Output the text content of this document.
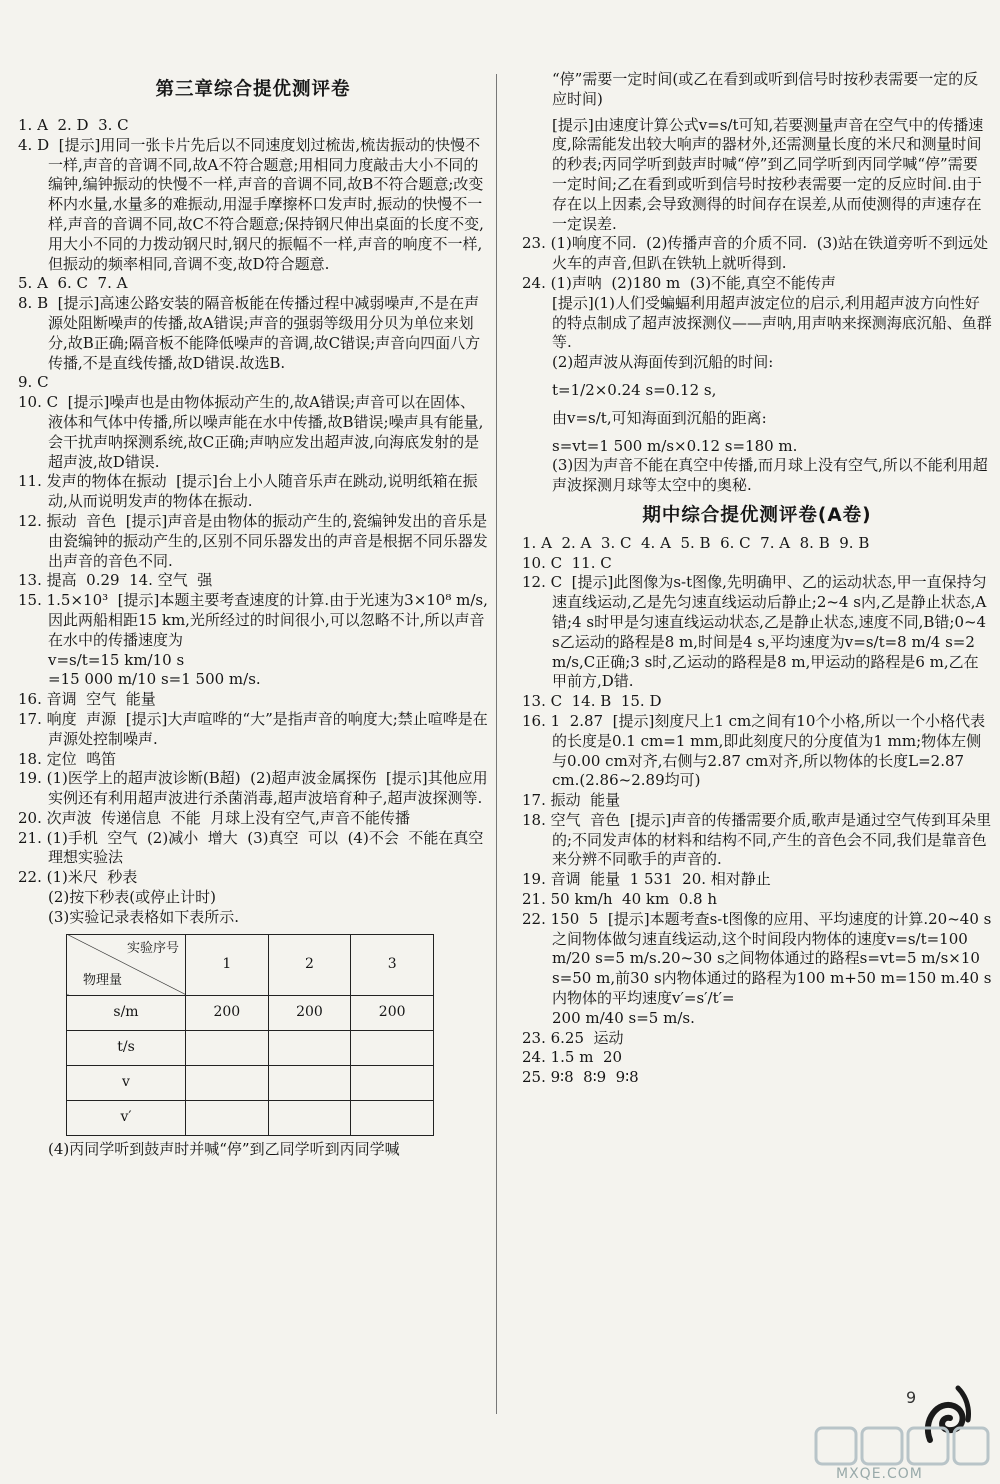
第三章综合提优测评卷

1. A  2. D  3. C

4. D  [提示]用同一张卡片先后以不同速度划过梳齿,梳齿振动的快慢不一样,声音的音调不同,故A不符合题意;用相同力度敲击大小不同的编钟,编钟振动的快慢不一样,声音的音调不同,故B不符合题意;改变杯内水量,水量多的难振动,用湿手摩擦杯口发声时,振动的快慢不一样,声音的音调不同,故C不符合题意;保持钢尺伸出桌面的长度不变,用大小不同的力拨动钢尺时,钢尺的振幅不一样,声音的响度不一样,但振动的频率相同,音调不变,故D符合题意.

5. A  6. C  7. A

8. B  [提示]高速公路安装的隔音板能在传播过程中减弱噪声,不是在声源处阻断噪声的传播,故A错误;声音的强弱等级用分贝为单位来划分,故B正确;隔音板不能降低噪声的音调,故C错误;声音向四面八方传播,不是直线传播,故D错误.故选B.

9. C

10. C  [提示]噪声也是由物体振动产生的,故A错误;声音可以在固体、液体和气体中传播,所以噪声能在水中传播,故B错误;噪声具有能量,会干扰声呐探测系统,故C正确;声呐应发出超声波,向海底发射的是超声波,故D错误.

11. 发声的物体在振动  [提示]台上小人随音乐声在跳动,说明纸箱在振动,从而说明发声的物体在振动.

12. 振动  音色  [提示]声音是由物体的振动产生的,瓷编钟发出的音乐是由瓷编钟的振动产生的,区别不同乐器发出的声音是根据不同乐器发出声音的音色不同.

13. 提高  0.29  14. 空气  强

15. 1.5×10³  [提示]本题主要考查速度的计算.由于光速为3×10⁸ m/s,因此两船相距15 km,光所经过的时间很小,可以忽略不计,所以声音在水中的传播速度为

v=s/t=15 km/10 s

=15 000 m/10 s=1 500 m/s.

16. 音调  空气  能量

17. 响度  声源  [提示]大声喧哗的“大”是指声音的响度大;禁止喧哗是在声源处控制噪声.

18. 定位  鸣笛

19. (1)医学上的超声波诊断(B超)  (2)超声波金属探伤  [提示]其他应用实例还有利用超声波进行杀菌消毒,超声波培育种子,超声波探测等.

20. 次声波  传递信息  不能  月球上没有空气,声音不能传播

21. (1)手机  空气  (2)减小  增大  (3)真空  可以  (4)不会  不能在真空  理想实验法

22. (1)米尺  秒表

(2)按下秒表(或停止计时)

(3)实验记录表格如下表所示.

实验序号
物理量	1	2	3
s/m	200	200	200
t/s			
v			
v′			

(4)丙同学听到鼓声时并喊“停”到乙同学听到丙同学喊

“停”需要一定时间(或乙在看到或听到信号时按秒表需要一定的反应时间)

[提示]由速度计算公式v=s/t可知,若要测量声音在空气中的传播速度,除需能发出较大响声的器材外,还需测量长度的米尺和测量时间的秒表;丙同学听到鼓声时喊“停”到乙同学听到丙同学喊“停”需要一定时间;乙在看到或听到信号时按秒表需要一定的反应时间.由于存在以上因素,会导致测得的时间存在误差,从而使测得的声速存在一定误差.

23. (1)响度不同.  (2)传播声音的介质不同.  (3)站在铁道旁听不到远处火车的声音,但趴在铁轨上就听得到.

24. (1)声呐  (2)180 m  (3)不能,真空不能传声

[提示](1)人们受蝙蝠利用超声波定位的启示,利用超声波方向性好的特点制成了超声波探测仪——声呐,用声呐来探测海底沉船、鱼群等.

(2)超声波从海面传到沉船的时间:

t=1/2×0.24 s=0.12 s,

由v=s/t,可知海面到沉船的距离:

s=vt=1 500 m/s×0.12 s=180 m.

(3)因为声音不能在真空中传播,而月球上没有空气,所以不能利用超声波探测月球等太空中的奥秘.

期中综合提优测评卷(A卷)

1. A  2. A  3. C  4. A  5. B  6. C  7. A  8. B  9. B

10. C  11. C

12. C  [提示]此图像为s-t图像,先明确甲、乙的运动状态,甲一直保持匀速直线运动,乙是先匀速直线运动后静止;2~4 s内,乙是静止状态,A错;4 s时甲是匀速直线运动状态,乙是静止状态,速度不同,B错;0~4 s乙运动的路程是8 m,时间是4 s,平均速度为v=s/t=8 m/4 s=2 m/s,C正确;3 s时,乙运动的路程是8 m,甲运动的路程是6 m,乙在甲前方,D错.

13. C  14. B  15. D

16. 1  2.87  [提示]刻度尺上1 cm之间有10个小格,所以一个小格代表的长度是0.1 cm=1 mm,即此刻度尺的分度值为1 mm;物体左侧与0.00 cm对齐,右侧与2.87 cm对齐,所以物体的长度L=2.87 cm.(2.86~2.89均可)

17. 振动  能量

18. 空气  音色  [提示]声音的传播需要介质,歌声是通过空气传到耳朵里的;不同发声体的材料和结构不同,产生的音色会不同,我们是靠音色来分辨不同歌手的声音的.

19. 音调  能量  1 531  20. 相对静止

21. 50 km/h  40 km  0.8 h

22. 150  5  [提示]本题考查s-t图像的应用、平均速度的计算.20~40 s之间物体做匀速直线运动,这个时间段内物体的速度v=s/t=100 m/20 s=5 m/s.20~30 s之间物体通过的路程s=vt=5 m/s×10 s=50 m,前30 s内物体通过的路程为100 m+50 m=150 m.40 s内物体的平均速度v′=s′/t′=

200 m/40 s=5 m/s.

23. 6.25  运动

24. 1.5 m  20

25. 9∶8  8∶9  9∶8

9
MXQE.COM
